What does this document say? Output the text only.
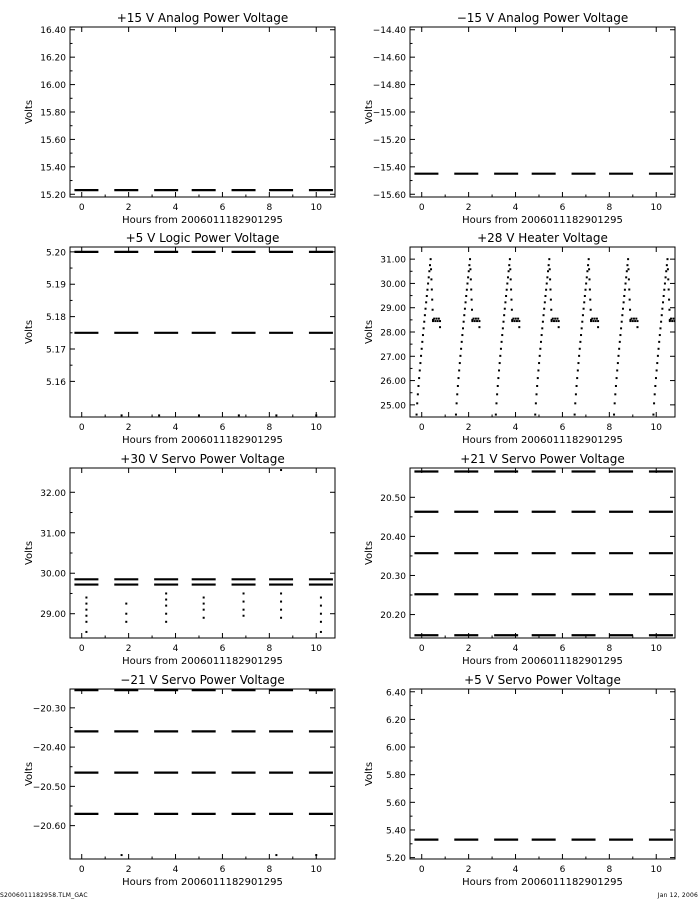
+15 V Analog Power Voltage
0	2	4	6	8	10
15.20
15.40
15.60
15.80
16.00
16.20
16.40
Hours from 2006011182901295
Volts
−15 V Analog Power Voltage
0	2	4	6	8	10
−15.60
−15.40
−15.20
−15.00
−14.80
−14.60
−14.40
Hours from 2006011182901295
Volts
+5 V Logic Power Voltage
0	2	4	6	8	10
5.16
5.17
5.18
5.19
5.20
Hours from 2006011182901295
Volts
+28 V Heater Voltage
0	2	4	6	8	10
25.00
26.00
27.00
28.00
29.00
30.00
31.00
Hours from 2006011182901295
Volts
+30 V Servo Power Voltage
0	2	4	6	8	10
29.00
30.00
31.00
32.00
Hours from 2006011182901295
Volts
+21 V Servo Power Voltage
0	2	4	6	8	10
20.20
20.30
20.40
20.50
Hours from 2006011182901295
Volts
−21 V Servo Power Voltage
0	2	4	6	8	10
−20.60
−20.50
−20.40
−20.30
Hours from 2006011182901295
Volts
+5 V Servo Power Voltage
0	2	4	6	8	10
5.20
5.40
5.60
5.80
6.00
6.20
6.40
Hours from 2006011182901295
Volts
S2006011182958.TLM_GAC	Jan 12, 2006
